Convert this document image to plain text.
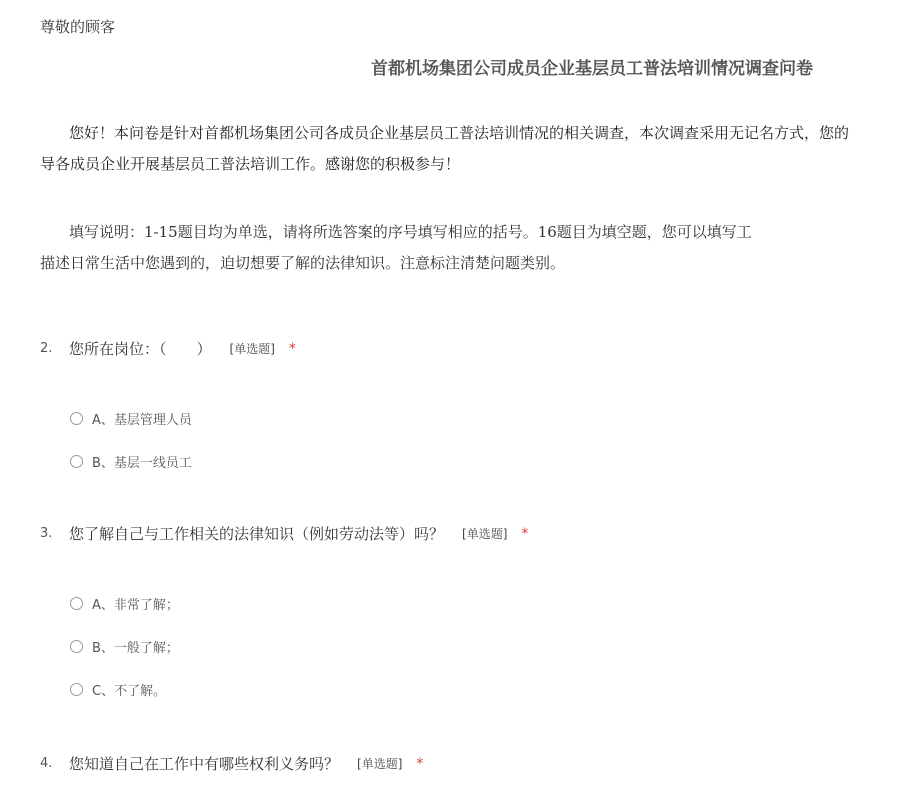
尊敬的顾客
首都机场集团公司成员企业基层员工普法培训情况调查问卷
您好！本问卷是针对首都机场集团公司各成员企业基层员工普法培训情况的相关调查，本次调查采用无记名方式，您的
导各成员企业开展基层员工普法培训工作。感谢您的积极参与！
填写说明：1-15题目均为单选，请将所选答案的序号填写相应的括号。16题目为填空题，您可以填写工
描述日常生活中您遇到的，迫切想要了解的法律知识。注意标注清楚问题类别。
2.	您所在岗位：（　　） [单选题] *
A、基层管理人员
B、基层一线员工
3.	您了解自己与工作相关的法律知识（例如劳动法等）吗？ [单选题] *
A、非常了解；
B、一般了解；
C、不了解。
4.	您知道自己在工作中有哪些权利义务吗？ [单选题] *
